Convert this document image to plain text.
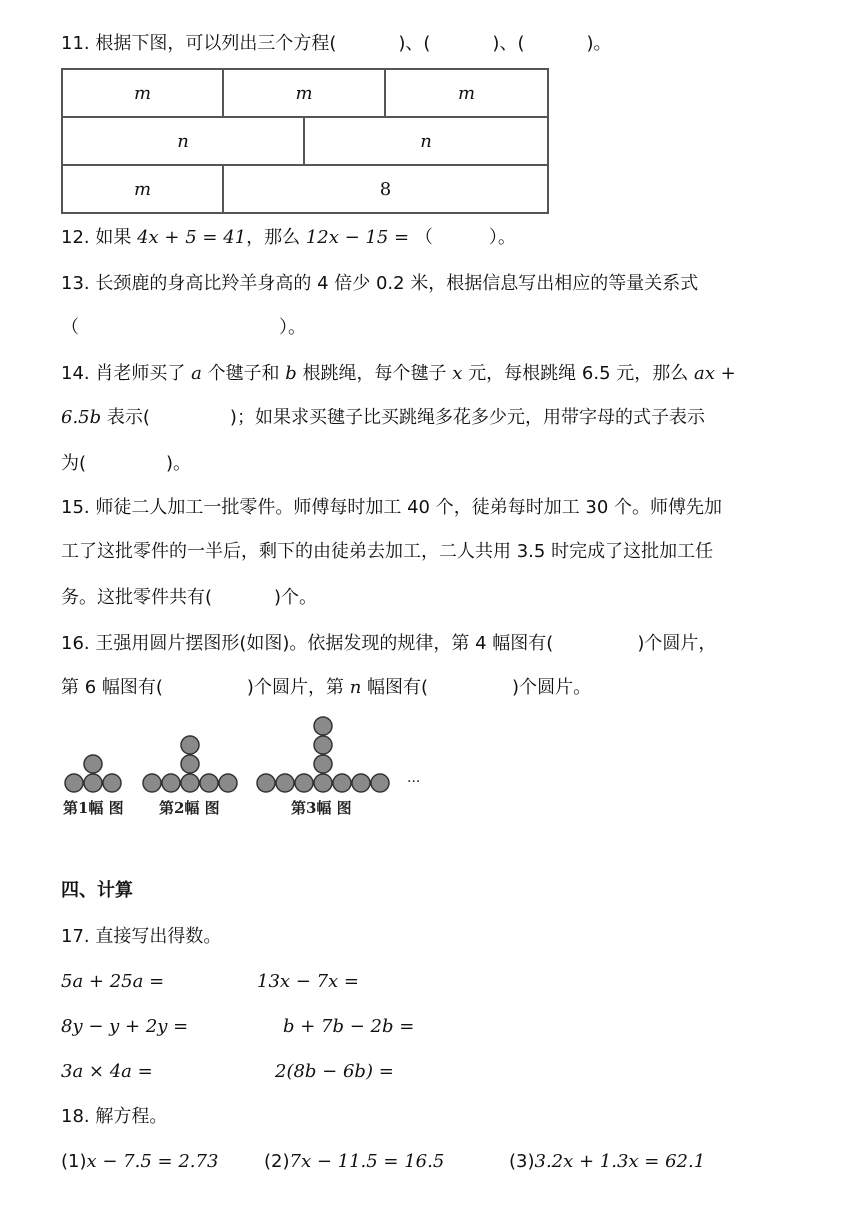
11. 根据下图，可以列出三个方程(	)、(	)、(	)。
m	m		m
n		n	
m	8		
12. 如果 4x + 5 = 41，那么 12x − 15 = （	）。
13. 长颈鹿的身高比羚羊身高的 4 倍少 0.2 米，根据信息写出相应的等量关系式
（	）。
14. 肖老师买了 a 个毽子和 b 根跳绳，每个毽子 x 元，每根跳绳 6.5 元，那么 ax +
6.5b 表示(	)；如果求买毽子比买跳绳多花多少元，用带字母的式子表示
为(	)。
15. 师徒二人加工一批零件。师傅每时加工 40 个，徒弟每时加工 30 个。师傅先加
工了这批零件的一半后，剩下的由徒弟去加工，二人共用 3.5 时完成了这批加工任
务。这批零件共有(	)个。
16. 王强用圆片摆图形(如图)。依据发现的规律，第 4 幅图有(	)个圆片，
第 6 幅图有(	)个圆片，第 n 幅图有(	)个圆片。
···
第1幅 图 第2幅 图	第3幅 图
四、计算
17. 直接写出得数。
5a + 25a =	13x − 7x =
8y − y + 2y =	b + 7b − 2b =
3a × 4a =	2(8b − 6b) =
18. 解方程。
(1)x − 7.5 = 2.73	(2)7x − 11.5 = 16.5	(3)3.2x + 1.3x = 62.1
